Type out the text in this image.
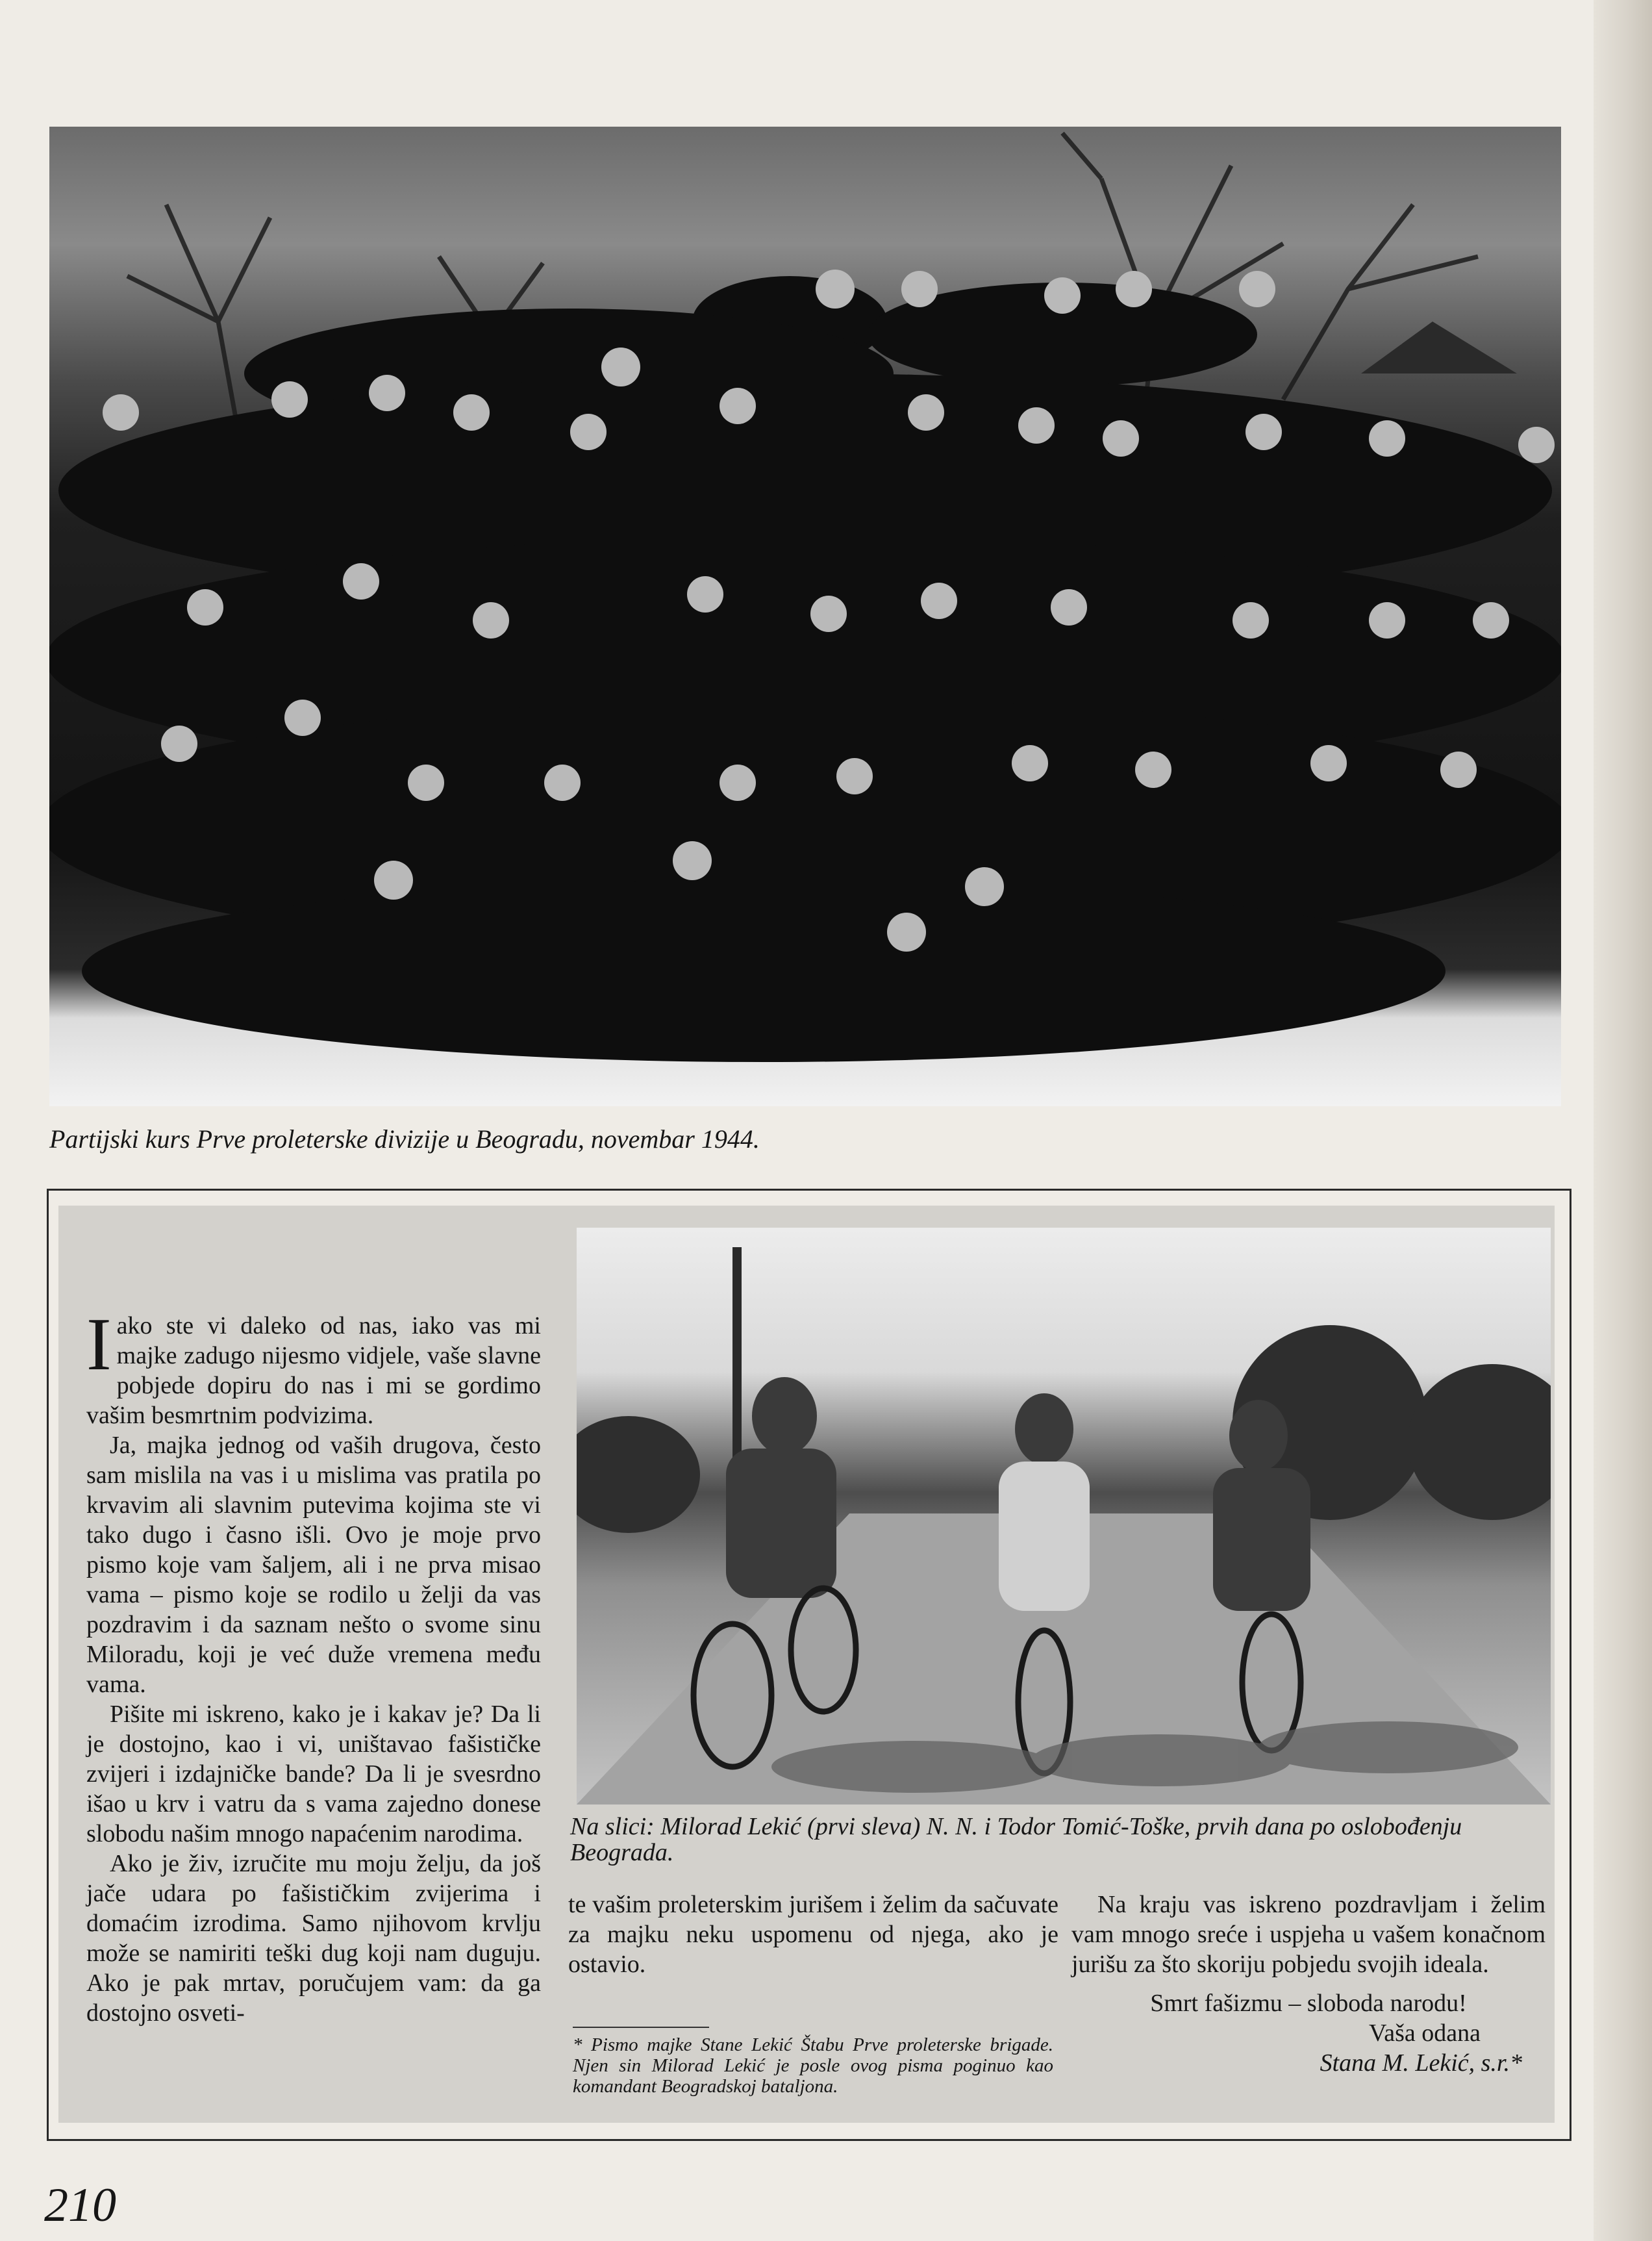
Partijski kurs Prve proleterske divizije u Beogradu, novembar 1944.
Na slici: Milorad Lekić (prvi sleva) N. N. i Todor Tomić-Toške, prvih dana po oslobođenju Beograda.

Iako ste vi daleko od nas, iako vas mi majke zadugo nijesmo vidjele, vaše slavne pobjede dopiru do nas i mi se gordimo vašim besmrtnim podvizima.

Ja, majka jednog od vaših drugova, često sam mislila na vas i u mislima vas pratila po krvavim ali slavnim putevima kojima ste vi tako dugo i časno išli. Ovo je moje prvo pismo koje vam šaljem, ali i ne prva misao vama – pismo koje se rodilo u želji da vas pozdravim i da saznam nešto o svome sinu Miloradu, koji je već duže vremena među vama.

Pišite mi iskreno, kako je i kakav je? Da li je dostojno, kao i vi, uništavao fašističke zvijeri i izdajničke bande? Da li je svesrdno išao u krv i vatru da s vama zajedno donese slobodu našim mnogo napaćenim narodima.

Ako je živ, izručite mu moju želju, da još jače udara po fašističkim zvijerima i domaćim izrodima. Samo njihovom krvlju može se namiriti teški dug koji nam duguju. Ako je pak mrtav, poručujem vam: da ga dostojno osveti-

te vašim proleterskim jurišem i želim da sačuvate za majku neku uspomenu od njega, ako je ostavio.

* Pismo majke Stane Lekić Štabu Prve proleterske brigade. Njen sin Milorad Lekić je posle ovog pisma poginuo kao komandant Beogradskoj bataljona.

Na kraju vas iskreno pozdravljam i želim vam mnogo sreće i uspjeha u vašem konačnom jurišu za što skoriju pobjedu svojih ideala.

Smrt fašizmu – sloboda narodu!

Vaša odana

Stana M. Lekić, s.r.*

210
